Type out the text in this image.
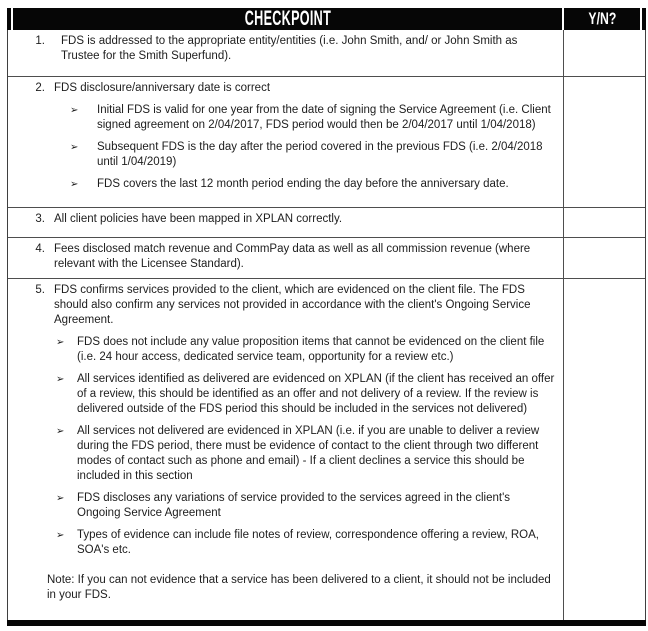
CHECKPOINT	Y/N?
1. FDS is addressed to the appropriate entity/entities (i.e. John Smith, and/ or John Smith as Trustee for the Smith Superfund).
2. FDS disclosure/anniversary date is correct
➢	Initial FDS is valid for one year from the date of signing the Service Agreement (i.e. Client signed agreement on 2/04/2017, FDS period would then be 2/04/2017 until 1/04/2018)
➢	Subsequent FDS is the day after the period covered in the previous FDS (i.e. 2/04/2018 until 1/04/2019)
➢	FDS covers the last 12 month period ending the day before the anniversary date.
3. All client policies have been mapped in XPLAN correctly.
4. Fees disclosed match revenue and CommPay data as well as all commission revenue (where relevant with the Licensee Standard).
5. FDS confirms services provided to the client, which are evidenced on the client file. The FDS should also confirm any services not provided in accordance with the client's Ongoing Service Agreement.
➢	FDS does not include any value proposition items that cannot be evidenced on the client file (i.e. 24 hour access, dedicated service team, opportunity for a review etc.)
➢	All services identified as delivered are evidenced on XPLAN (if the client has received an offer of a review, this should be identified as an offer and not delivery of a review. If the review is delivered outside of the FDS period this should be included in the services not delivered)
➢	All services not delivered are evidenced in XPLAN (i.e. if you are unable to deliver a review during the FDS period, there must be evidence of contact to the client through two different modes of contact such as phone and email) - If a client declines a service this should be included in this section
➢	FDS discloses any variations of service provided to the services agreed in the client's Ongoing Service Agreement
➢	Types of evidence can include file notes of review, correspondence offering a review, ROA, SOA's etc.
Note: If you can not evidence that a service has been delivered to a client, it should not be included in your FDS.
